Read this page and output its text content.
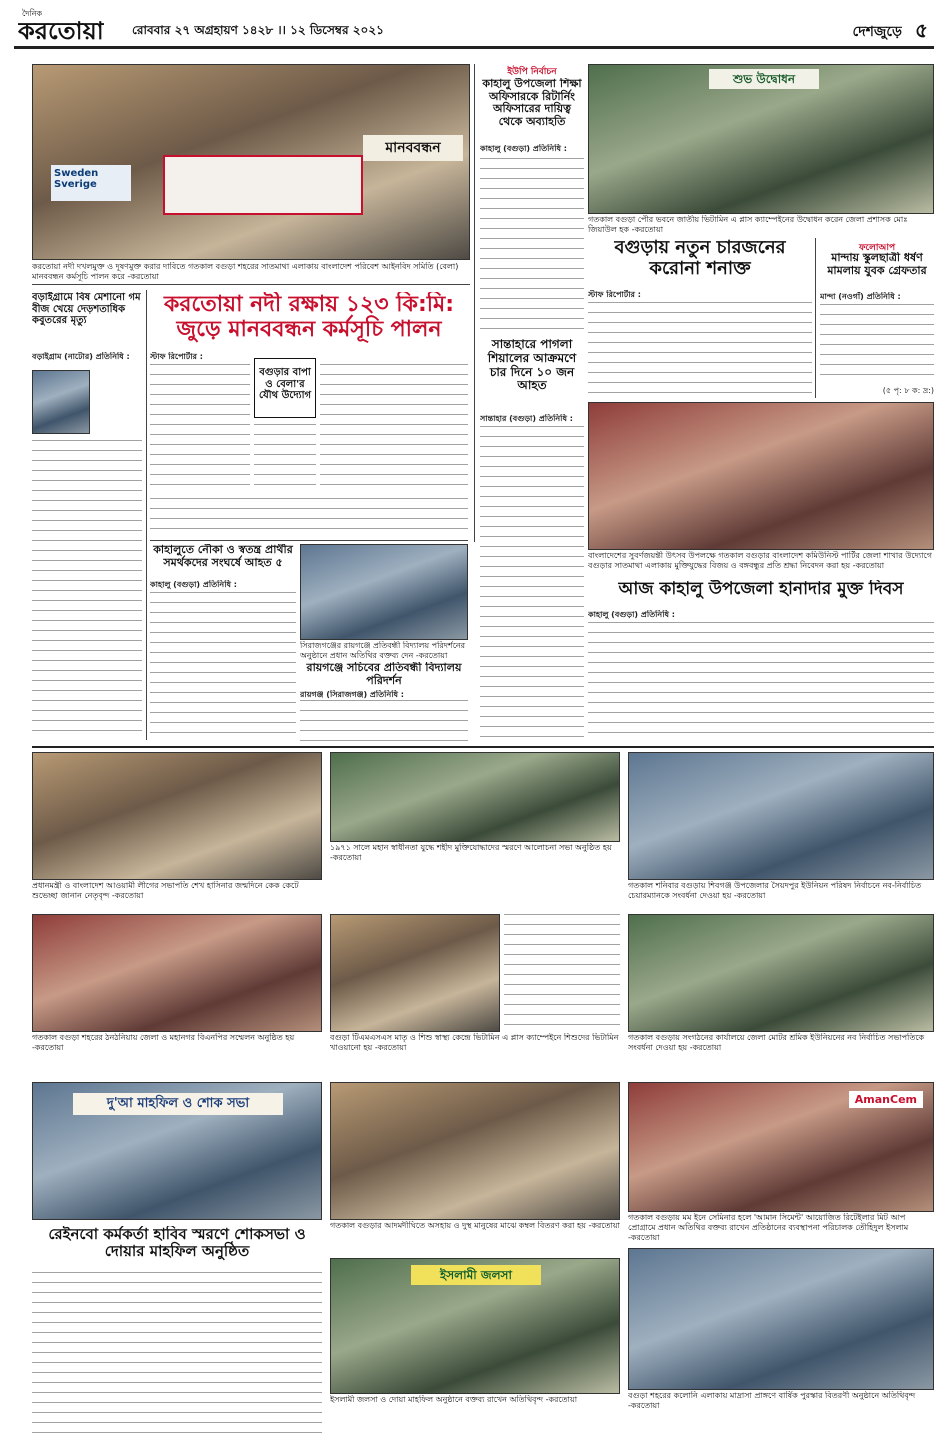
দৈনিক
করতোয়া রোববার ২৭ অগ্রহায়ণ ১৪২৮ ।। ১২ ডিসেম্বর ২০২১	দেশজুড়ে ৫
Sweden Sverige
মানববন্ধন
করতোয়া নদী দখলমুক্ত ও দূষণমুক্ত করার দাবিতে গতকাল বগুড়া শহরের সাতমাথা এলাকায় বাংলাদেশ পরিবেশ আইনবিদ সমিতি (বেলা) মানববন্ধন কর্মসূচি পালন করে -করতোয়া
ইউপি নির্বাচন
কাহালু উপজেলা শিক্ষা অফিসারকে রিটার্নিং অফিসারের দায়িত্ব থেকে অব্যাহতি
কাহালু (বগুড়া) প্রতিনিধি :
শুভ উদ্বোধন
গতকাল বগুড়া পৌর ভবনে জাতীয় ভিটামিন এ প্লাস ক্যাম্পেইনের উদ্বোধন করেন জেলা প্রশাসক মোঃ জিয়াউল হক -করতোয়া
বগুড়ায় নতুন চারজনের করোনা শনাক্ত
স্টাফ রিপোর্টার :
ফলোআপ
মান্দায় স্কুলছাত্রী ধর্ষণ মামলায় যুবক গ্রেফতার
মান্দা (নওগাঁ) প্রতিনিধি :
(৫ পৃ: ৮ ক: দ্র:)
বড়াইগ্রামে বিষ মেশানো গম বীজ খেয়ে দেড়শতাধিক কবুতরের মৃত্যু
বড়াইগ্রাম (নাটোর) প্রতিনিধি :
করতোয়া নদী রক্ষায় ১২৩ কি:মি: জুড়ে মানববন্ধন কর্মসূচি পালন
স্টাফ রিপোর্টার :
বগুড়ার বাপা ও বেলা'র যৌথ উদ্যোগ
সান্তাহারে পাগলা শিয়ালের আক্রমণে চার দিনে ১০ জন আহত
সান্তাহার (বগুড়া) প্রতিনিধি :
বাংলাদেশের সুবর্ণজয়ন্তী উৎসব উপলক্ষে গতকাল বগুড়ার বাংলাদেশ কমিউনিস্ট পার্টির জেলা শাখার উদ্যোগে বগুড়ার সাতমাথা এলাকায় মুক্তিযুদ্ধের বিজয় ও বঙ্গবন্ধুর প্রতি শ্রদ্ধা নিবেদন করা হয় -করতোয়া
কাহালুতে নৌকা ও স্বতন্ত্র প্রার্থীর সমর্থকদের সংঘর্ষে আহত ৫
কাহালু (বগুড়া) প্রতিনিধি :
সিরাজগঞ্জের রায়গঞ্জে প্রতিবন্ধী বিদ্যালয় পরিদর্শনের অনুষ্ঠানে প্রধান অতিথির বক্তব্য দেন -করতোয়া
রায়গঞ্জে সচিবের প্রতিবন্ধী বিদ্যালয় পরিদর্শন
রায়গঞ্জ (সিরাজগঞ্জ) প্রতিনিধি :
আজ কাহালু উপজেলা হানাদার মুক্ত দিবস
কাহালু (বগুড়া) প্রতিনিধি :
প্রধানমন্ত্রী ও বাংলাদেশ আওয়ামী লীগের সভাপতি শেখ হাসিনার জন্মদিনে কেক কেটে শুভেচ্ছা জানান নেতৃবৃন্দ -করতোয়া
১৯৭১ সালে মহান স্বাধীনতা যুদ্ধে শহীদ মুক্তিযোদ্ধাদের স্মরণে আলোচনা সভা অনুষ্ঠিত হয় -করতোয়া
গতকাল শনিবার বগুড়ায় শিবগঞ্জ উপজেলার সৈয়দপুর ইউনিয়ন পরিষদ নির্বাচনে নব-নির্বাচিত চেয়ারম্যানকে সংবর্ধনা দেওয়া হয় -করতোয়া
গতকাল বগুড়া শহরের ঠনঠনিয়ায় জেলা ও মহানগর বিএনপির সম্মেলন অনুষ্ঠিত হয় -করতোয়া
বগুড়া টিএমএসএস মাতৃ ও শিশু স্বাস্থ্য কেন্দ্রে ভিটামিন এ প্লাস ক্যাম্পেইনে শিশুদের ভিটামিন খাওয়ানো হয় -করতোয়া
গতকাল বগুড়ায় সংগঠনের কার্যালয়ে জেলা মোটর শ্রমিক ইউনিয়নের নব নির্বাচিত সভাপতিকে সংবর্ধনা দেওয়া হয় -করতোয়া
দু'আ মাহফিল ও শোক সভা
রেইনবো কর্মকর্তা হাবিব স্মরণে শোকসভা ও দোয়ার মাহফিল অনুষ্ঠিত
গতকাল বগুড়ার আদমদীঘিতে অসহায় ও দুস্থ মানুষের মাঝে কম্বল বিতরণ করা হয় -করতোয়া
AmanCem
গতকাল বগুড়ায় মম ইনে সেমিনার হলে 'আমান সিমেন্ট' আয়োজিত রিটেইলার মিট আপ প্রোগ্রামে প্রধান অতিথির বক্তব্য রাখেন প্রতিষ্ঠানের ব্যবস্থাপনা পরিচালক তৌহিদুল ইসলাম -করতোয়া
ইসলামী জলসা
ইসলামী জলসা ও দোয়া মাহফিল অনুষ্ঠানে বক্তব্য রাখেন অতিথিবৃন্দ -করতোয়া	বগুড়া শহরের কলোনি এলাকায় মাদ্রাসা প্রাঙ্গণে বার্ষিক পুরস্কার বিতরণী অনুষ্ঠানে অতিথিবৃন্দ -করতোয়া
